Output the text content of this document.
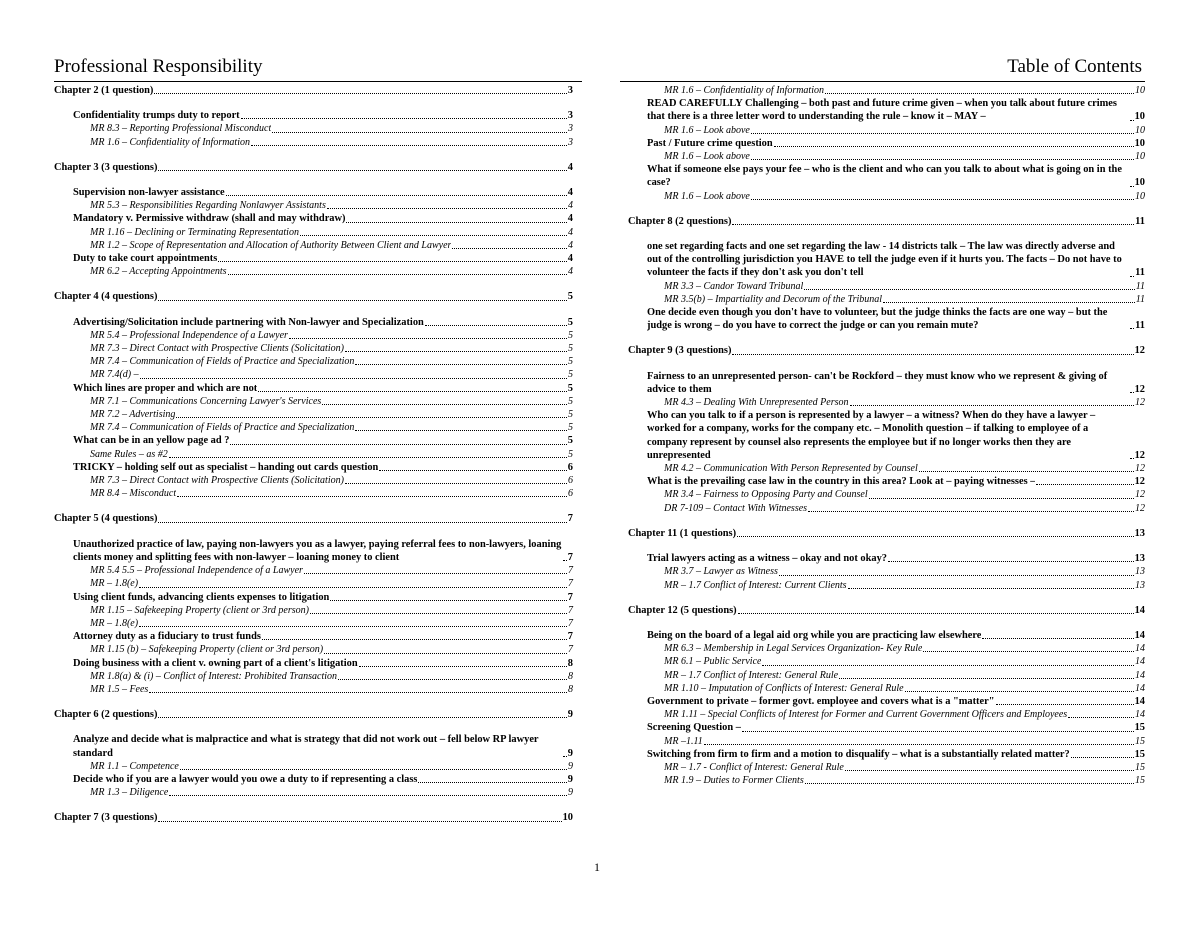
Professional Responsibility	Table of Contents
Chapter 2 (1 question)	3
Confidentiality trumps duty to report	3
MR 8.3 – Reporting Professional Misconduct	3
MR 1.6 – Confidentiality of Information	3
Chapter 3 (3 questions)	4
Supervision non-lawyer assistance	4
MR 5.3 – Responsibilities Regarding Nonlawyer Assistants	4
Mandatory v. Permissive withdraw (shall and may withdraw)	4
MR 1.16 – Declining or Terminating Representation	4
MR 1.2 – Scope of Representation and Allocation of Authority Between Client and Lawyer	4
Duty to take court appointments	4
MR 6.2 – Accepting Appointments	4
Chapter 4 (4 questions)	5
Advertising/Solicitation include partnering with Non-lawyer and Specialization	5
MR 5.4 – Professional Independence of a Lawyer	5
MR 7.3 – Direct Contact with Prospective Clients (Solicitation)	5
MR 7.4 – Communication of Fields of Practice and Specialization	5
MR 7.4(d) –	5
Which lines are proper and which are not	5
MR 7.1 – Communications Concerning Lawyer's Services	5
MR 7.2 – Advertising	5
MR 7.4 – Communication of Fields of Practice and Specialization	5
What can be in an yellow page ad ?	5
Same Rules – as #2	5
TRICKY – holding self out as specialist – handing out cards question	6
MR 7.3 – Direct Contact with Prospective Clients (Solicitation)	6
MR 8.4 – Misconduct	6
Chapter 5 (4 questions)	7
Unauthorized practice of law, paying non-lawyers you as a lawyer, paying referral fees to non-lawyers, loaning clients money and splitting fees with non-lawyer – loaning money to client	7
MR 5.4 5.5 – Professional Independence of a Lawyer	7
MR – 1.8(e)	7
Using client funds, advancing clients expenses to litigation	7
MR 1.15 – Safekeeping Property (client or 3rd person)	7
MR – 1.8(e)	7
Attorney duty as a fiduciary to trust funds	7
MR 1.15 (b) – Safekeeping Property (client or 3rd person)	7
Doing business with a client v. owning part of a client's litigation	8
MR 1.8(a) & (i) – Conflict of Interest: Prohibited Transaction	8
MR 1.5 – Fees	8
Chapter 6 (2 questions)	9
Analyze and decide what is malpractice and what is strategy that did not work out – fell below RP lawyer standard	9
MR 1.1 – Competence	9
Decide who if you are a lawyer would you owe a duty to if representing a class	9
MR 1.3 – Diligence	9
Chapter 7 (3 questions)	10
MR 1.6 – Confidentiality of Information	10
READ CAREFULLY Challenging – both past and future crime given – when you talk about future crimes that there is a three letter word to understanding the rule – know it – MAY –	10
MR 1.6 – Look above	10
Past / Future crime question	10
MR 1.6 – Look above	10
What if someone else pays your fee – who is the client and who can you talk to about what is going on in the case?	10
MR 1.6 – Look above	10
Chapter 8 (2 questions)	11
one set regarding facts and one set regarding the law - 14 districts talk – The law was directly adverse and out of the controlling jurisdiction you HAVE to tell the judge even if it hurts you. The facts – Do not have to volunteer the facts if they don't ask you don't tell	11
MR 3.3 – Candor Toward Tribunal	11
MR 3.5(b) – Impartiality and Decorum of the Tribunal	11
One decide even though you don't have to volunteer, but the judge thinks the facts are one way – but the judge is wrong – do you have to correct the judge or can you remain mute?	11
Chapter 9 (3 questions)	12
Fairness to an unrepresented person- can't be Rockford – they must know who we represent & giving of advice to them	12
MR 4.3 – Dealing With Unrepresented Person	12
Who can you talk to if a person is represented by a lawyer – a witness? When do they have a lawyer – worked for a company, works for the company etc. – Monolith question – if talking to employee of a company represent by counsel also represents the employee but if no longer works then they are unrepresented	12
MR 4.2 – Communication With Person Represented by Counsel	12
What is the prevailing case law in the country in this area? Look at – paying witnesses –	12
MR 3.4 – Fairness to Opposing Party and Counsel	12
DR 7-109 – Contact With Witnesses	12
Chapter 11 (1 questions)	13
Trial lawyers acting as a witness – okay and not okay?	13
MR 3.7 – Lawyer as Witness	13
MR – 1.7 Conflict of Interest: Current Clients	13
Chapter 12 (5 questions)	14
Being on the board of a legal aid org while you are practicing law elsewhere	14
MR 6.3 – Membership in Legal Services Organization- Key Rule	14
MR 6.1 – Public Service	14
MR – 1.7 Conflict of Interest: General Rule	14
MR 1.10 – Imputation of Conflicts of Interest: General Rule	14
Government to private – former govt. employee and covers what is a "matter"	14
MR 1.11 – Special Conflicts of Interest for Former and Current Government Officers and Employees	14
Screening Question –	15
MR –1.11	15
Switching from firm to firm and a motion to disqualify – what is a substantially related matter?	15
MR – 1.7 - Conflict of Interest: General Rule	15
MR 1.9 – Duties to Former Clients	15
1
